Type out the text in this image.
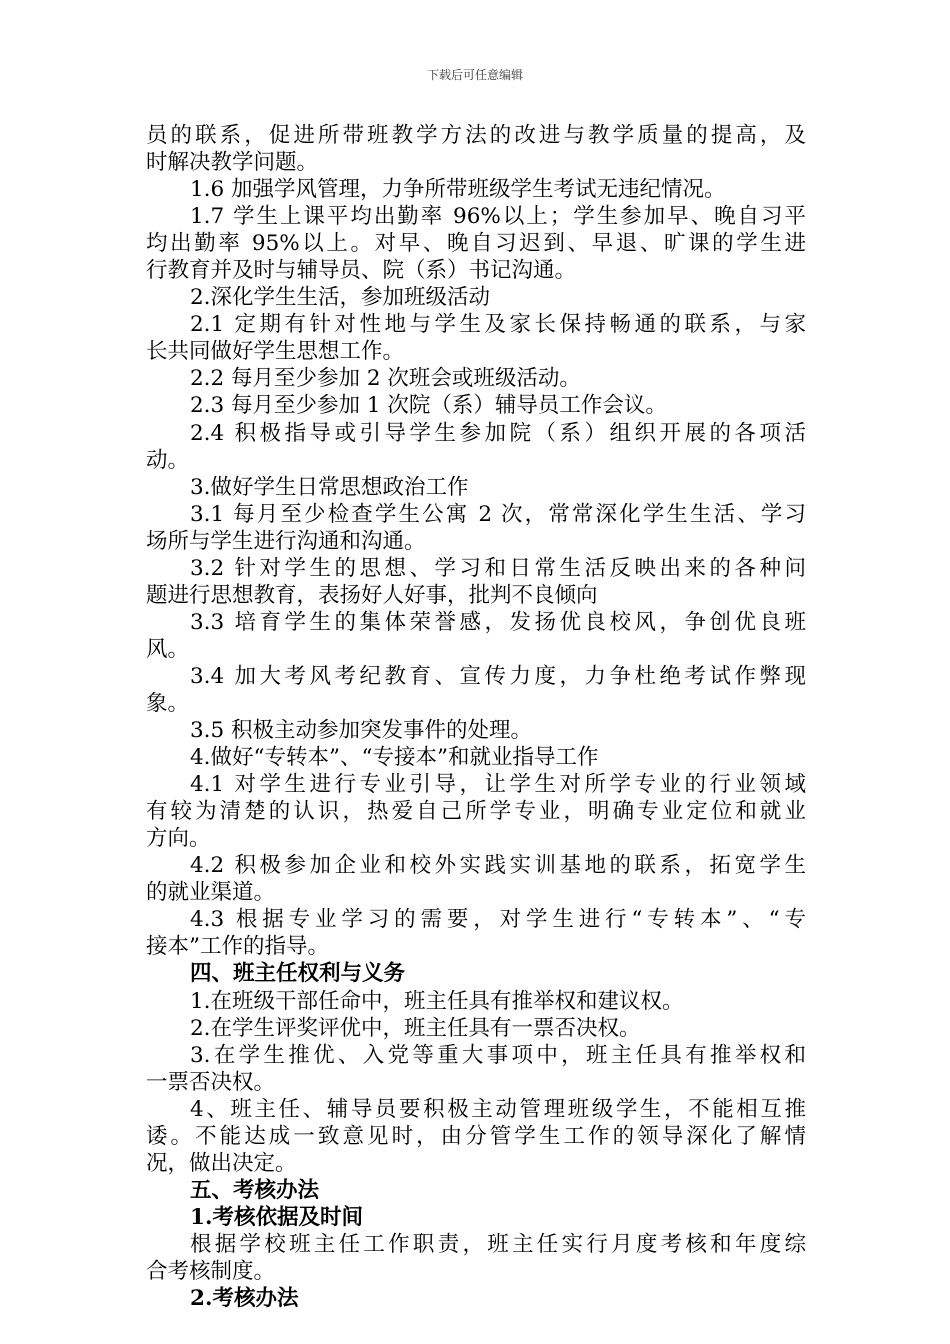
下载后可任意编辑
员的联系，促进所带班教学方法的改进与教学质量的提高，及
时解决教学问题。
1.6 加强学风管理，力争所带班级学生考试无违纪情况。
1.7 学生上课平均出勤率 96%以上；学生参加早、晚自习平
均出勤率 95%以上。对早、晚自习迟到、早退、旷课的学生进
行教育并及时与辅导员、院（系）书记沟通。
2.深化学生生活，参加班级活动
2.1 定期有针对性地与学生及家长保持畅通的联系，与家
长共同做好学生思想工作。
2.2 每月至少参加 2 次班会或班级活动。
2.3 每月至少参加 1 次院（系）辅导员工作会议。
2.4 积极指导或引导学生参加院（系）组织开展的各项活
动。
3.做好学生日常思想政治工作
3.1 每月至少检查学生公寓 2 次，常常深化学生生活、学习
场所与学生进行沟通和沟通。
3.2 针对学生的思想、学习和日常生活反映出来的各种问
题进行思想教育，表扬好人好事，批判不良倾向
3.3 培育学生的集体荣誉感，发扬优良校风，争创优良班
风。
3.4 加大考风考纪教育、宣传力度，力争杜绝考试作弊现
象。
3.5 积极主动参加突发事件的处理。
4.做好“专转本”、“专接本”和就业指导工作
4.1 对学生进行专业引导，让学生对所学专业的行业领域
有较为清楚的认识，热爱自己所学专业，明确专业定位和就业
方向。
4.2 积极参加企业和校外实践实训基地的联系，拓宽学生
的就业渠道。
4.3 根据专业学习的需要，对学生进行“专转本”、“专
接本”工作的指导。
四、班主任权利与义务
1.在班级干部任命中，班主任具有推举权和建议权。
2.在学生评奖评优中，班主任具有一票否决权。
3.在学生推优、入党等重大事项中，班主任具有推举权和
一票否决权。
4、班主任、辅导员要积极主动管理班级学生，不能相互推
诿。不能达成一致意见时，由分管学生工作的领导深化了解情
况，做出决定。
五、考核办法
1.考核依据及时间
根据学校班主任工作职责，班主任实行月度考核和年度综
合考核制度。
2.考核办法
